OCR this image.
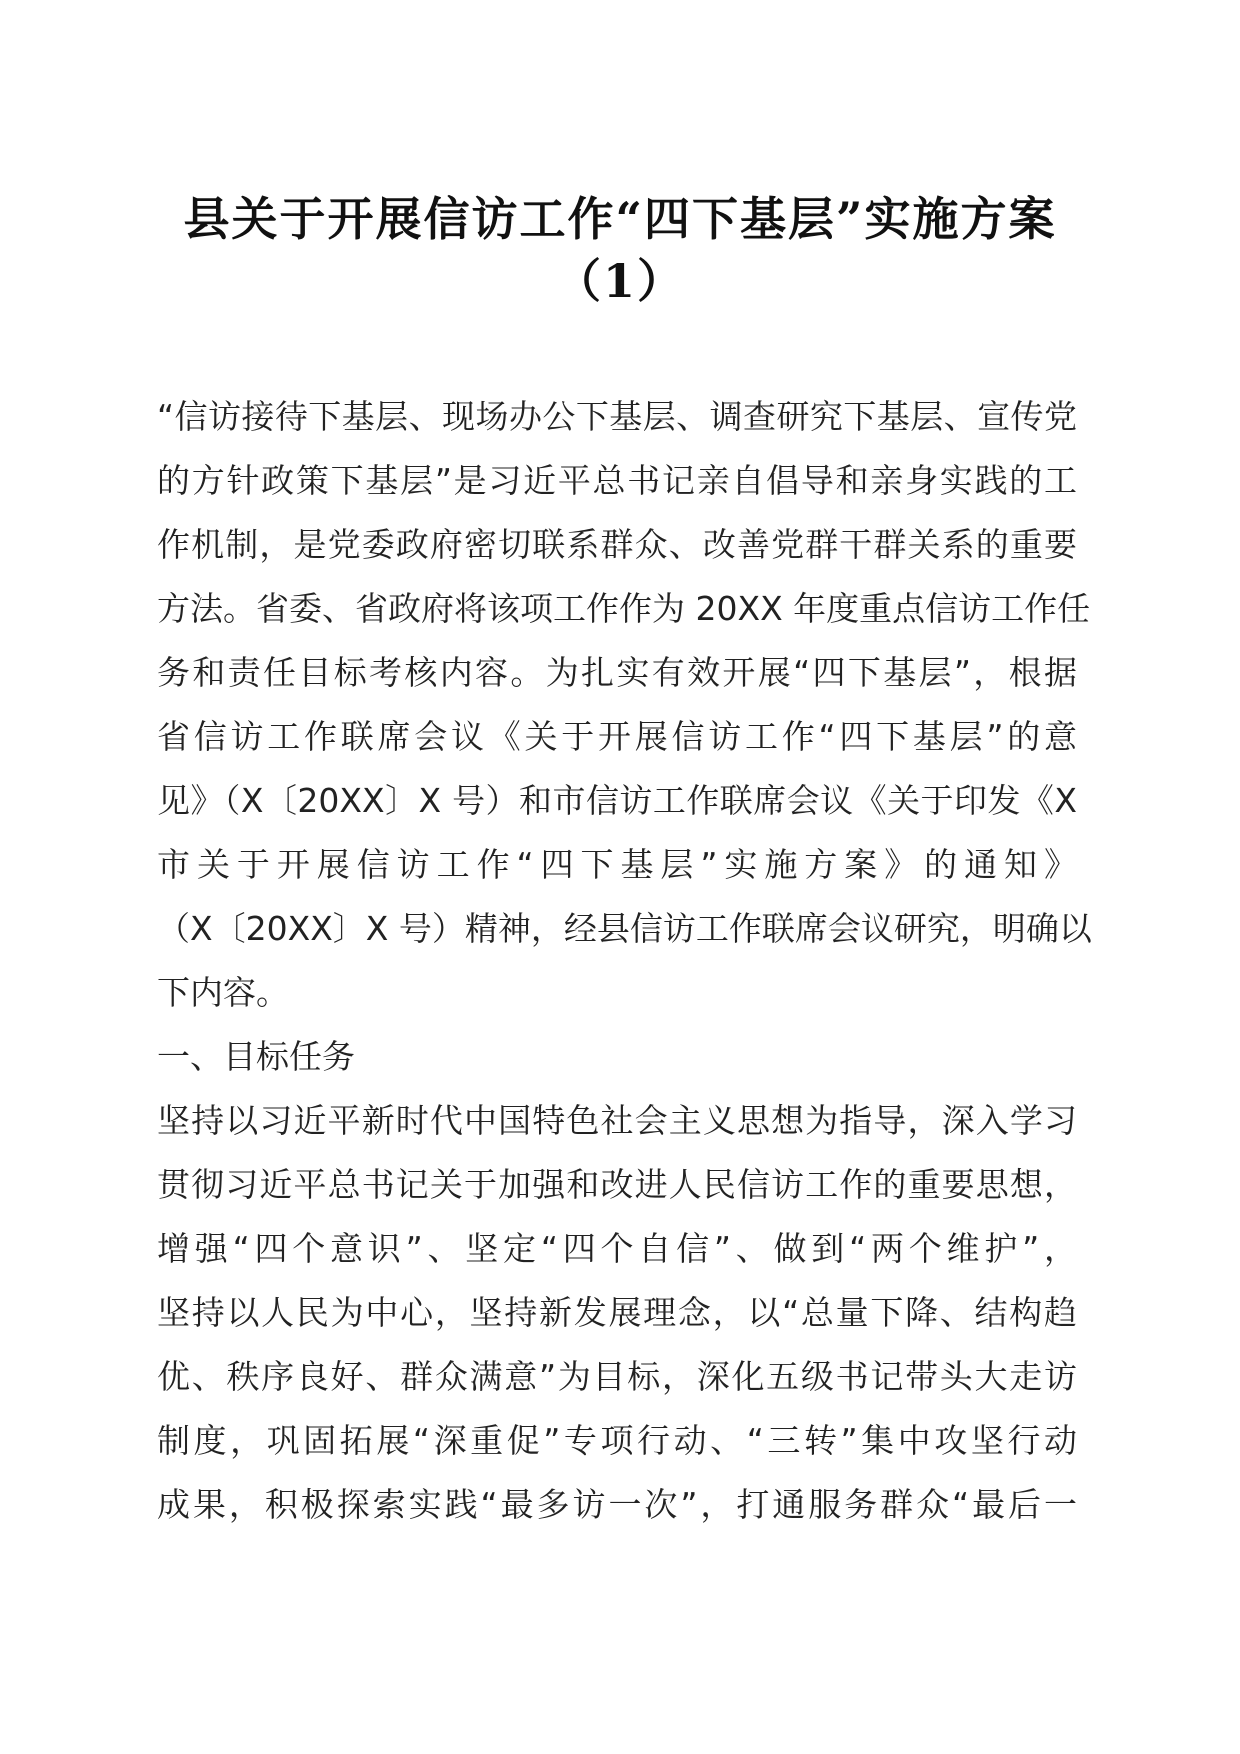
县关于开展信访工作“四下基层”实施方案
（1）
“信访接待下基层、现场办公下基层、调查研究下基层、宣传党
的方针政策下基层”是习近平总书记亲自倡导和亲身实践的工
作机制，是党委政府密切联系群众、改善党群干群关系的重要
方法。省委、省政府将该项工作作为 20XX 年度重点信访工作任
务和责任目标考核内容。为扎实有效开展“四下基层”，根据
省信访工作联席会议《关于开展信访工作“四下基层”的意
见》（X〔20XX〕X 号）和市信访工作联席会议《关于印发《X
市关于开展信访工作“四下基层”实施方案》的通知》
（X〔20XX〕X 号）精神，经县信访工作联席会议研究，明确以
下内容。
一、目标任务
坚持以习近平新时代中国特色社会主义思想为指导，深入学习
贯彻习近平总书记关于加强和改进人民信访工作的重要思想，
增强“四个意识”、坚定“四个自信”、做到“两个维护”，
坚持以人民为中心，坚持新发展理念，以“总量下降、结构趋
优、秩序良好、群众满意”为目标，深化五级书记带头大走访
制度，巩固拓展“深重促”专项行动、“三转”集中攻坚行动
成果，积极探索实践“最多访一次”，打通服务群众“最后一
